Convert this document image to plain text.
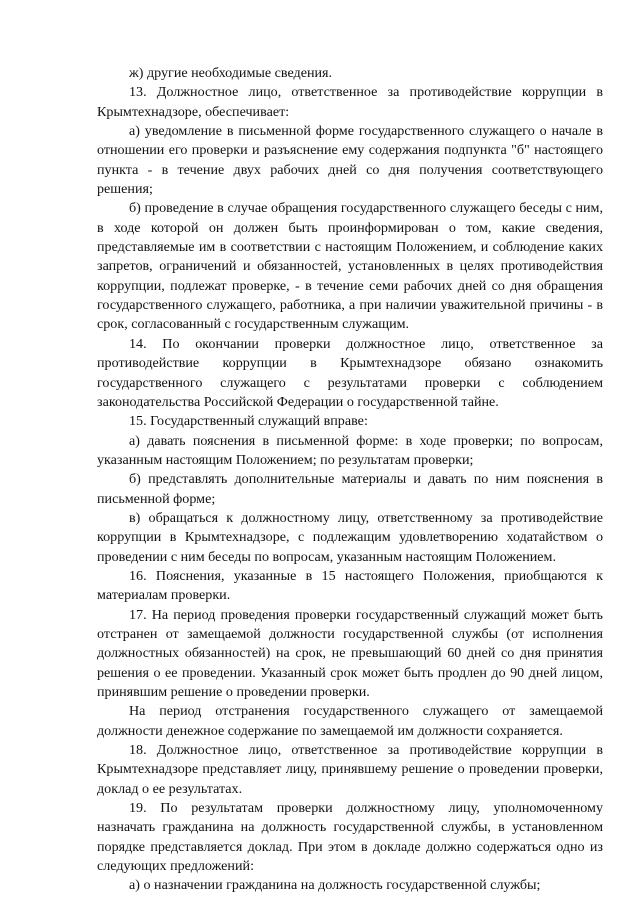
ж) другие необходимые сведения.

13. Должностное лицо, ответственное за противодействие коррупции в Крымтехнадзоре, обеспечивает:

а) уведомление в письменной форме государственного служащего о начале в отношении его проверки и разъяснение ему содержания подпункта "б" настоящего пункта - в течение двух рабочих дней со дня получения соответствующего решения;

б) проведение в случае обращения государственного служащего беседы с ним, в ходе которой он должен быть проинформирован о том, какие сведения, представляемые им в соответствии с настоящим Положением, и соблюдение каких запретов, ограничений и обязанностей, установленных в целях противодействия коррупции, подлежат проверке, - в течение семи рабочих дней со дня обращения государственного служащего, работника, а при наличии уважительной причины - в срок, согласованный с государственным служащим.

14. По окончании проверки должностное лицо, ответственное за противодействие коррупции в Крымтехнадзоре обязано ознакомить государственного служащего с результатами проверки с соблюдением законодательства Российской Федерации о государственной тайне.

15. Государственный служащий вправе:

а) давать пояснения в письменной форме: в ходе проверки; по вопросам, указанным настоящим Положением; по результатам проверки;

б) представлять дополнительные материалы и давать по ним пояснения в письменной форме;

в) обращаться к должностному лицу, ответственному за противодействие коррупции в Крымтехнадзоре, с подлежащим удовлетворению ходатайством о проведении с ним беседы по вопросам, указанным настоящим Положением.

16. Пояснения, указанные в 15 настоящего Положения, приобщаются к материалам проверки.

17. На период проведения проверки государственный служащий может быть отстранен от замещаемой должности государственной службы (от исполнения должностных обязанностей) на срок, не превышающий 60 дней со дня принятия решения о ее проведении. Указанный срок может быть продлен до 90 дней лицом, принявшим решение о проведении проверки.

На период отстранения государственного служащего от замещаемой должности денежное содержание по замещаемой им должности сохраняется.

18. Должностное лицо, ответственное за противодействие коррупции в Крымтехнадзоре представляет лицу, принявшему решение о проведении проверки, доклад о ее результатах.

19. По результатам проверки должностному лицу, уполномоченному назначать гражданина на должность государственной службы, в установленном порядке представляется доклад. При этом в докладе должно содержаться одно из следующих предложений:

а) о назначении гражданина на должность государственной службы;
